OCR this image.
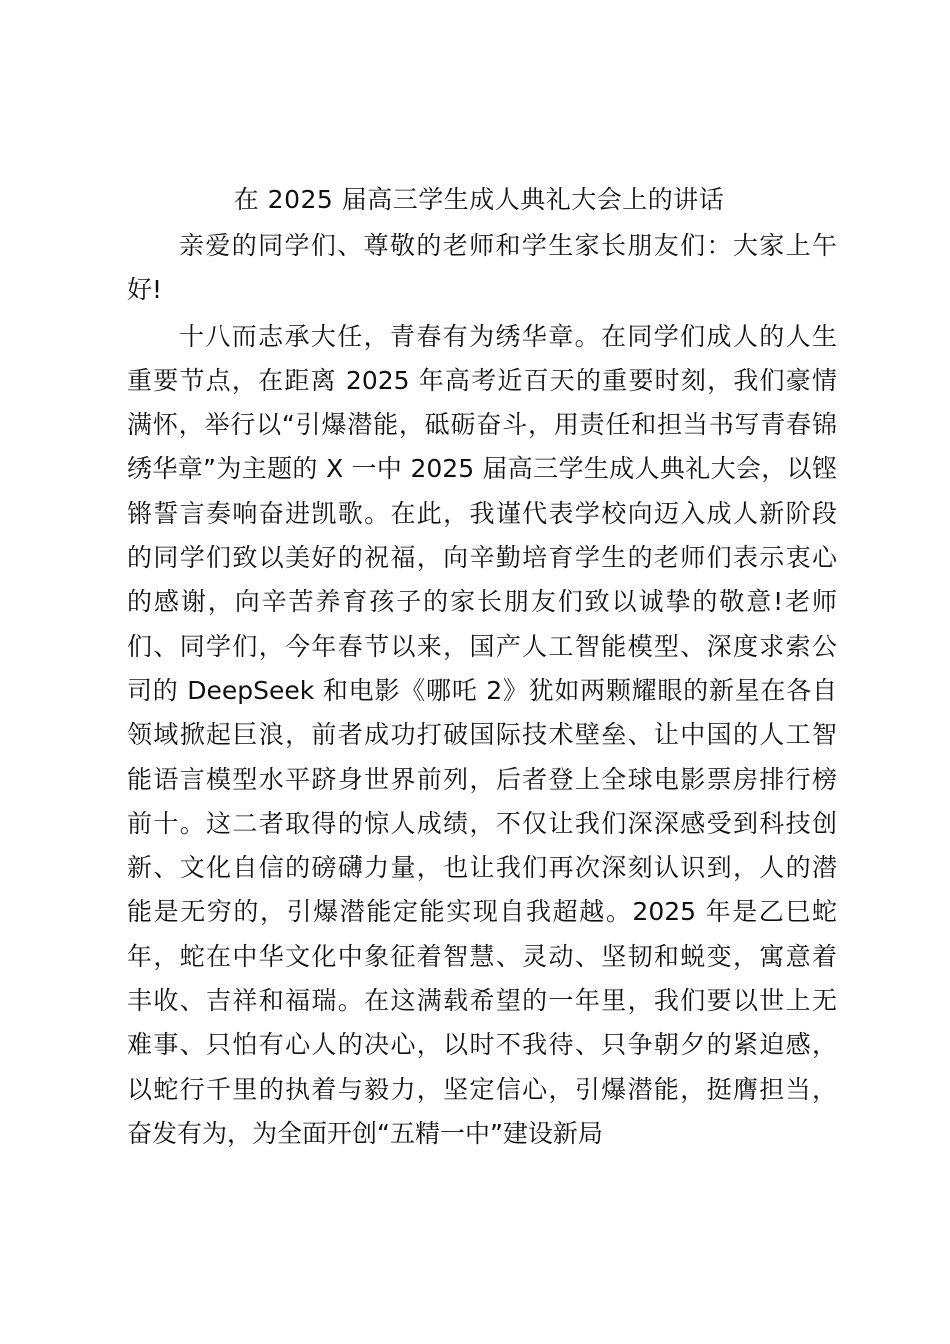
在 2025 届高三学生成人典礼大会上的讲话
亲爱的同学们、尊敬的老师和学生家长朋友们：大家上午
好!
十八而志承大任，青春有为绣华章。在同学们成人的人生
重要节点，在距离 2025 年高考近百天的重要时刻，我们豪情
满怀，举行以“引爆潜能，砥砺奋斗，用责任和担当书写青春锦
绣华章”为主题的 X 一中 2025 届高三学生成人典礼大会，以铿
锵誓言奏响奋进凯歌。在此，我谨代表学校向迈入成人新阶段
的同学们致以美好的祝福，向辛勤培育学生的老师们表示衷心
的感谢，向辛苦养育孩子的家长朋友们致以诚挚的敬意!老师
们、同学们，今年春节以来，国产人工智能模型、深度求索公
司的 DeepSeek 和电影《哪吒 2》犹如两颗耀眼的新星在各自
领域掀起巨浪，前者成功打破国际技术壁垒、让中国的人工智
能语言模型水平跻身世界前列，后者登上全球电影票房排行榜
前十。这二者取得的惊人成绩，不仅让我们深深感受到科技创
新、文化自信的磅礴力量，也让我们再次深刻认识到，人的潜
能是无穷的，引爆潜能定能实现自我超越。2025 年是乙巳蛇
年，蛇在中华文化中象征着智慧、灵动、坚韧和蜕变，寓意着
丰收、吉祥和福瑞。在这满载希望的一年里，我们要以世上无
难事、只怕有心人的决心，以时不我待、只争朝夕的紧迫感，
以蛇行千里的执着与毅力，坚定信心，引爆潜能，挺膺担当，
奋发有为，为全面开创“五精一中”建设新局
